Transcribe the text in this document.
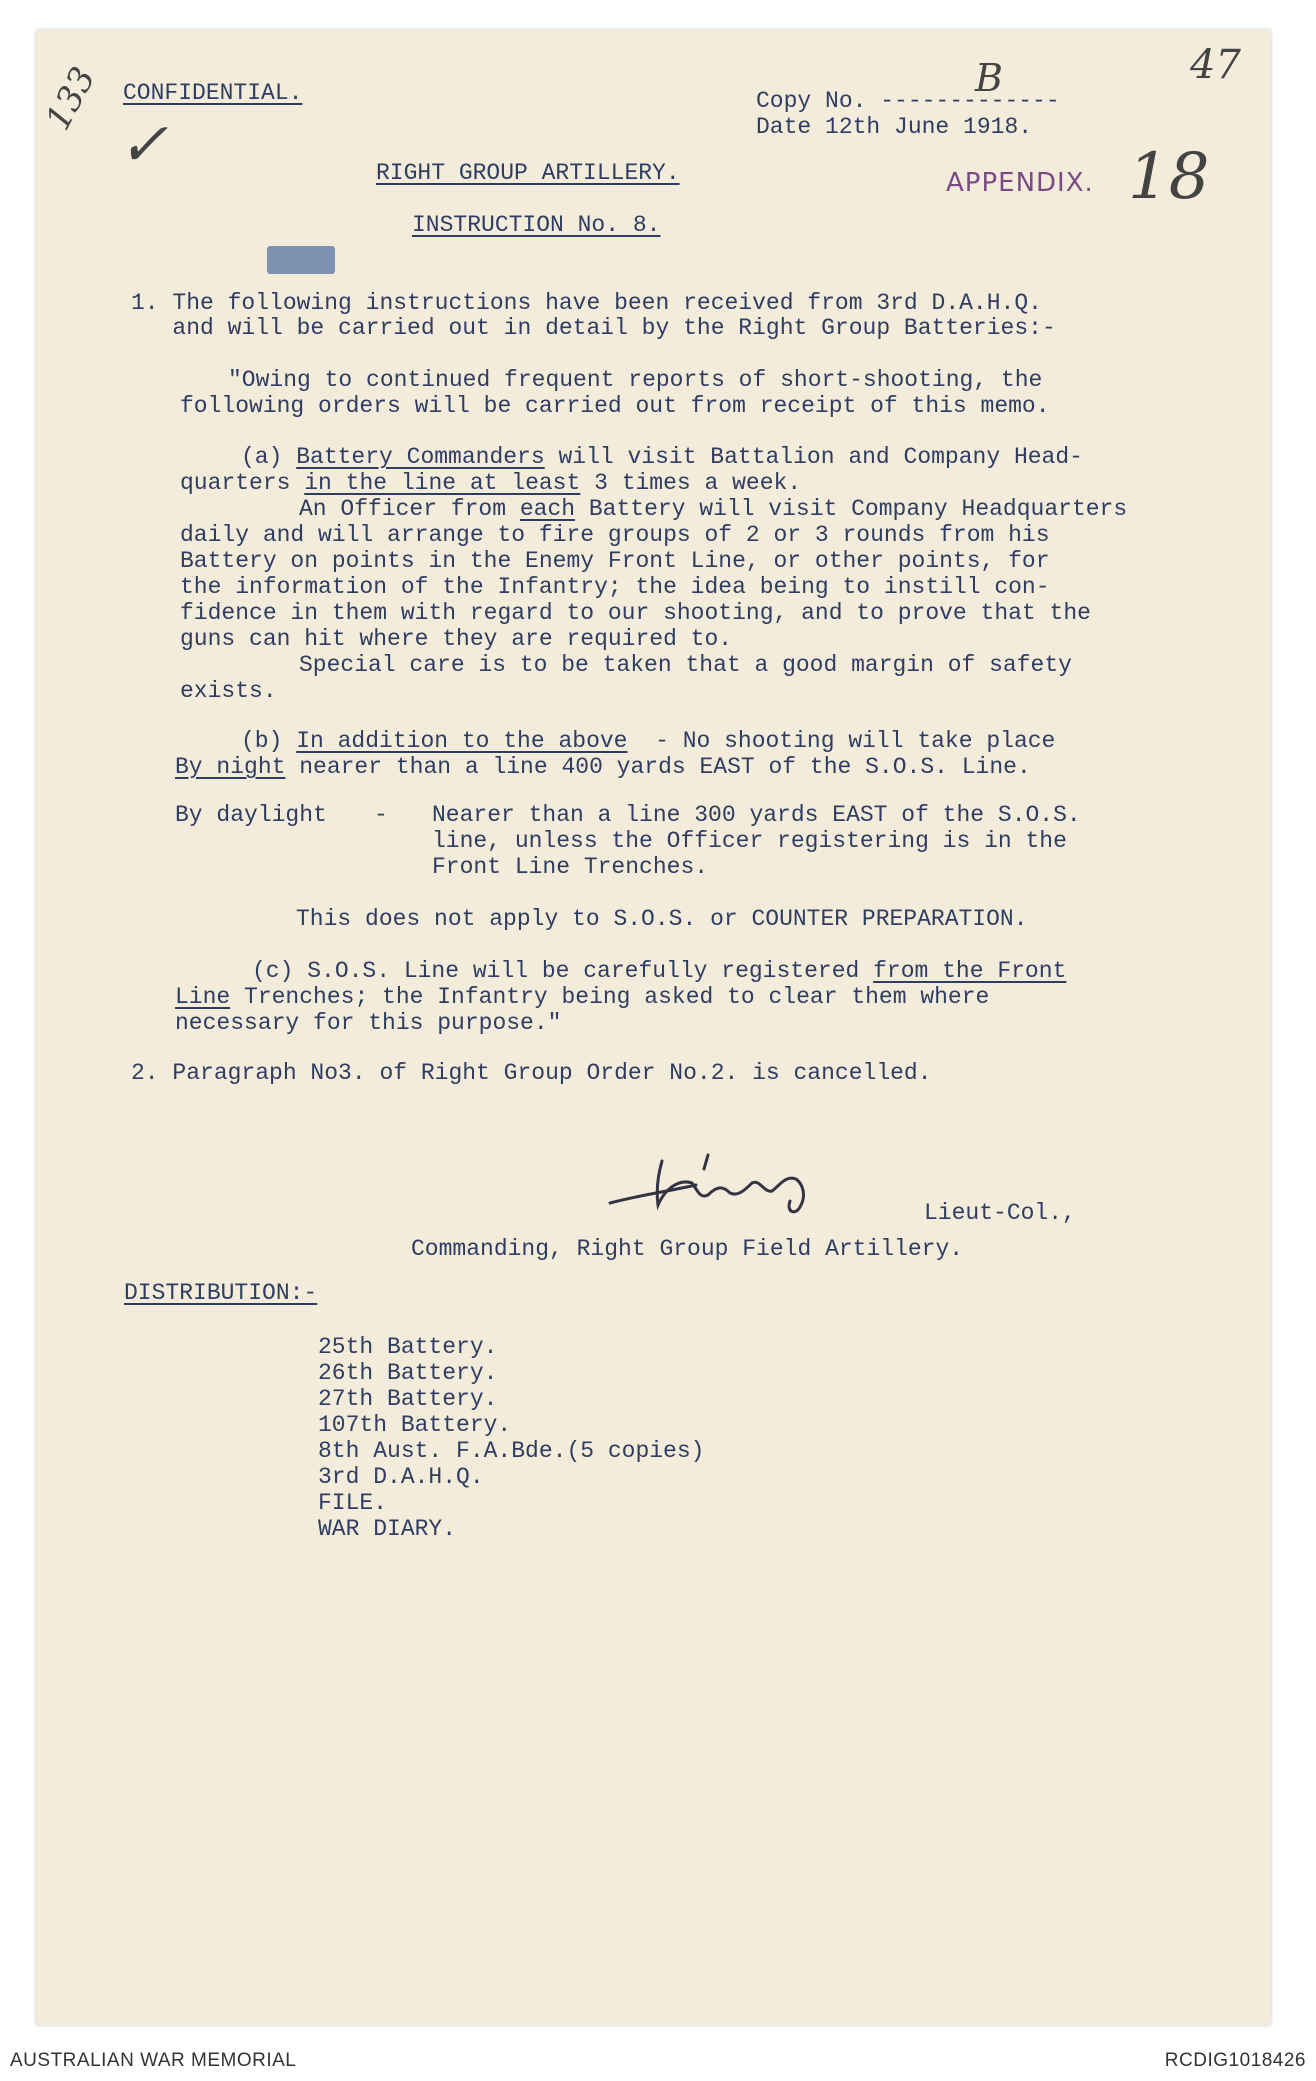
133
✓
B	47
APPENDIX. 18

CONFIDENTIAL.	Copy No. -------------

Date 12th June 1918.

RIGHT GROUP ARTILLERY.

INSTRUCTION No. 8.

1. The following instructions have been received from 3rd D.A.H.Q.

and will be carried out in detail by the Right Group Batteries:-

"Owing to continued frequent reports of short-shooting, the

following orders will be carried out from receipt of this memo.

(a) Battery Commanders will visit Battalion and Company Head-

quarters in the line at least 3 times a week.

An Officer from each Battery will visit Company Headquarters

daily and will arrange to fire groups of 2 or 3 rounds from his

Battery on points in the Enemy Front Line, or other points, for

the information of the Infantry; the idea being to instill con-

fidence in them with regard to our shooting, and to prove that the

guns can hit where they are required to.

Special care is to be taken that a good margin of safety

exists.

(b) In addition to the above  - No shooting will take place

By night nearer than a line 400 yards EAST of the S.O.S. Line.

By daylight - Nearer than a line 300 yards EAST of the S.O.S.

line, unless the Officer registering is in the

Front Line Trenches.

This does not apply to S.O.S. or COUNTER PREPARATION.

(c) S.O.S. Line will be carefully registered from the Front

Line Trenches; the Infantry being asked to clear them where

necessary for this purpose."

2. Paragraph No3. of Right Group Order No.2. is cancelled.

Lieut-Col.,

Commanding, Right Group Field Artillery.

DISTRIBUTION:-

25th Battery.

26th Battery.

27th Battery.

107th Battery.

8th Aust. F.A.Bde.(5 copies)

3rd D.A.H.Q.

FILE.

WAR DIARY.

AUSTRALIAN WAR MEMORIAL	RCDIG1018426
